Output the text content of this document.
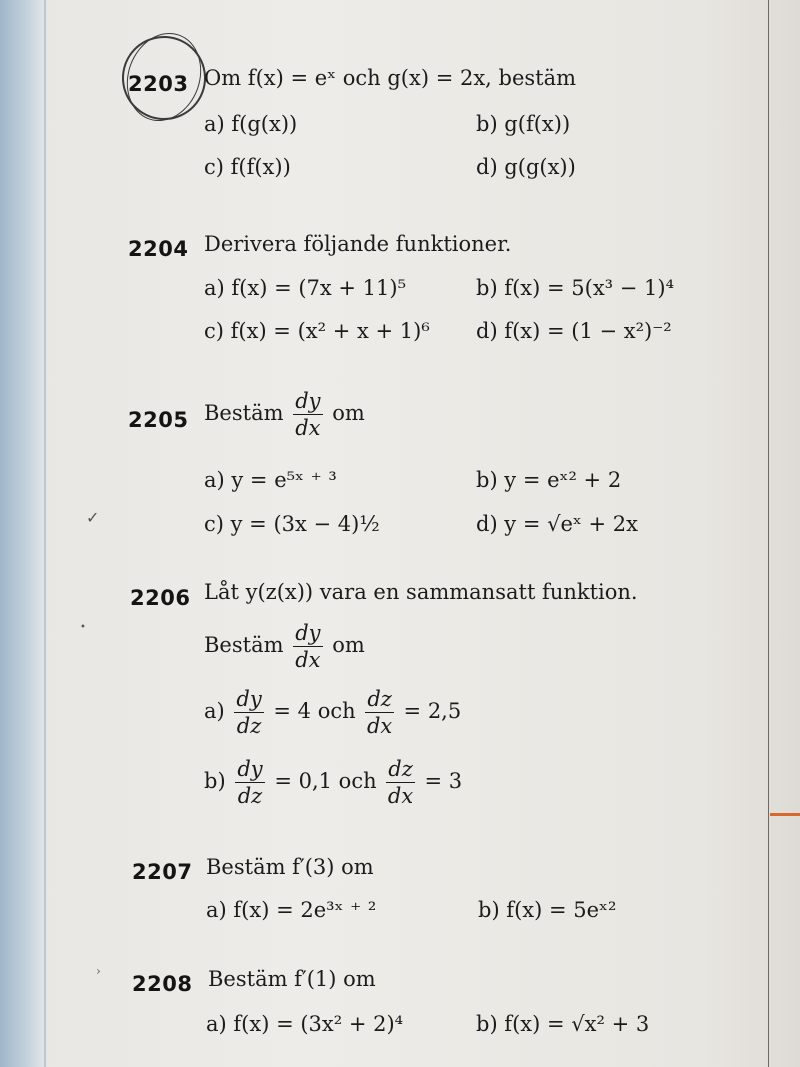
✓
•
›
2203 Om f(x) = eˣ och g(x) = 2x, bestäm
a) f(g(x))	b) g(f(x))
c) f(f(x))	d) g(g(x))
2204 Derivera följande funktioner.
a) f(x) = (7x + 11)⁵	b) f(x) = 5(x³ − 1)⁴
c) f(x) = (x² + x + 1)⁶ d) f(x) = (1 − x²)⁻²
2205 Bestäm $\frac{dy}{dx}$ om
a) y = e⁵ˣ ⁺ ³	b) y = eˣ² + 2
c) y = (3x − 4)½	d) y = √eˣ + 2x
2206 Låt y(z(x)) vara en sammansatt funktion.
Bestäm $\frac{dy}{dx}$ om
$a) \frac{dy}{dz} = 4$ och $\frac{dz}{dx} = 2,5$
$b) \frac{dy}{dz} = 0,1$ och $\frac{dz}{dx} = 3$
2207 Bestäm f′(3) om
a) f(x) = 2e³ˣ ⁺ ²	b) f(x) = 5eˣ²
2208 Bestäm f′(1) om
a) f(x) = (3x² + 2)⁴	b) f(x) = √x² + 3
